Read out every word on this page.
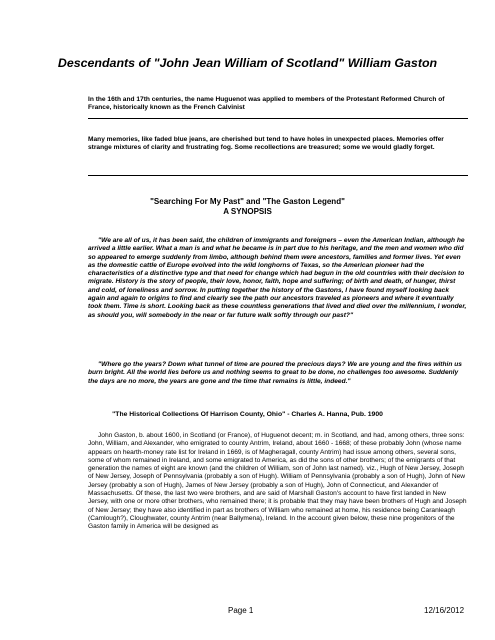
Descendants of "John Jean William of Scotland" William Gaston

In the 16th and 17th centuries, the name Huguenot was applied to members of the Protestant Reformed Church of France, historically known as the French Calvinist

Many memories, like faded blue jeans, are cherished but tend to have holes in unexpected places. Memories offer strange mixtures of clarity and frustrating fog. Some recollections are treasured; some we would gladly forget.

"Searching For My Past" and "The Gaston Legend"

A SYNOPSIS

"We are all of us, it has been said, the children of immigrants and foreigners – even the American Indian, although he arrived a little earlier. What a man is and what he became is in part due to his heritage, and the men and women who did so appeared to emerge suddenly from limbo, although behind them were ancestors, families and former lives. Yet even as the domestic cattle of Europe evolved into the wild longhorns of Texas, so the American pioneer had the characteristics of a distinctive type and that need for change which had begun in the old countries with their decision to migrate. History is the story of people, their love, honor, faith, hope and suffering; of birth and death, of hunger, thirst and cold, of loneliness and sorrow. In putting together the history of the Gastons, I have found myself looking back again and again to origins to find and clearly see the path our ancestors traveled as pioneers and where it eventually took them. Time is short. Looking back as these countless generations that lived and died over the millennium, I wonder, as should you, will somebody in the near or far future walk softly through our past?"

"Where go the years? Down what tunnel of time are poured the precious days? We are young and the fires within us burn bright. All the world lies before us and nothing seems to great to be done, no challenges too awesome. Suddenly the days are no more, the years are gone and the time that remains is little, indeed."

"The Historical Collections Of Harrison County, Ohio" - Charles A. Hanna, Pub. 1900

John Gaston, b. about 1600, in Scotland (or France), of Huguenot decent; m. in Scotland, and had, among others, three sons: John, William, and Alexander, who emigrated to county Antrim, Ireland, about 1660 - 1668; of these probably John (whose name appears on hearth-money rate list for Ireland in 1669, is of Magheragall, county Antrim) had issue among others, several sons, some of whom remained in Ireland, and some emigrated to America, as did the sons of other brothers; of the emigrants of that generation the names of eight are known (and the children of William, son of John last named). viz., Hugh of New Jersey, Joseph of New Jersey, Joseph of Pennsylvania (probably a son of Hugh). William of Pennsylvania (probably a son of Hugh), John of New Jersey (probably a son of Hugh), James of New Jersey (probably a son of Hugh), John of Connecticut, and Alexander of Massachusetts. Of these, the last two were brothers, and are said of Marshall Gaston's account to have first landed in New Jersey, with one or more other brothers, who remained there; it is probable that they may have been brothers of Hugh and Joseph of New Jersey; they have also identified in part as brothers of William who remained at home, his residence being Caranleagh (Camlough?), Cloughwater, county Antrim (near Ballymena), Ireland. In the account given below, these nine progenitors of the Gaston family in America will be designed as

Page 1	12/16/2012
